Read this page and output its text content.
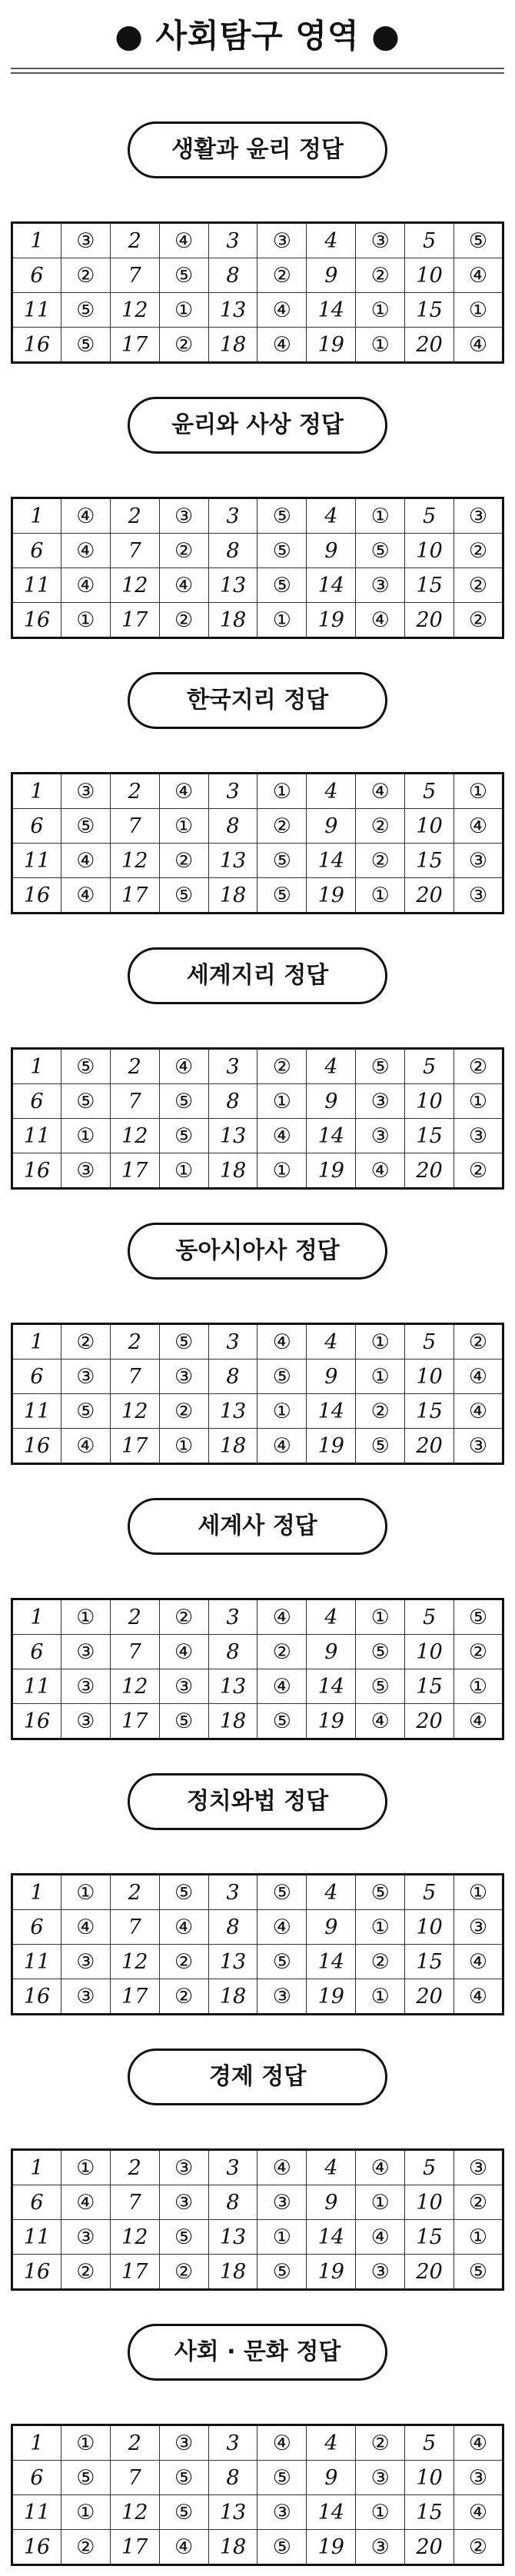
● 사회탐구 영역 ●
생활과 윤리 정답
1	③	2	④	3	③	4	③	5	⑤
6	②	7	⑤	8	②	9	②	10	④
11	⑤	12	①	13	④	14	①	15	①
16	⑤	17	②	18	④	19	①	20	④
윤리와 사상 정답
1	④	2	③	3	⑤	4	①	5	③
6	④	7	②	8	⑤	9	⑤	10	②
11	④	12	④	13	⑤	14	③	15	②
16	①	17	②	18	①	19	④	20	②
한국지리 정답
1	③	2	④	3	①	4	④	5	①
6	⑤	7	①	8	②	9	②	10	④
11	④	12	②	13	⑤	14	②	15	③
16	④	17	⑤	18	⑤	19	①	20	③
세계지리 정답
1	⑤	2	④	3	②	4	⑤	5	②
6	⑤	7	⑤	8	①	9	③	10	①
11	①	12	⑤	13	④	14	③	15	③
16	③	17	①	18	①	19	④	20	②
동아시아사 정답
1	②	2	⑤	3	④	4	①	5	②
6	③	7	③	8	⑤	9	①	10	④
11	⑤	12	②	13	①	14	②	15	④
16	④	17	①	18	④	19	⑤	20	③
세계사 정답
1	①	2	②	3	④	4	①	5	⑤
6	③	7	④	8	②	9	⑤	10	②
11	③	12	③	13	④	14	⑤	15	①
16	③	17	⑤	18	⑤	19	④	20	④
정치와법 정답
1	①	2	⑤	3	⑤	4	⑤	5	①
6	④	7	④	8	④	9	①	10	③
11	③	12	②	13	⑤	14	②	15	④
16	③	17	②	18	③	19	①	20	④
경제 정답
1	①	2	③	3	④	4	④	5	③
6	④	7	③	8	③	9	①	10	②
11	③	12	⑤	13	①	14	④	15	①
16	②	17	②	18	⑤	19	③	20	⑤
사회 · 문화 정답
1	①	2	③	3	④	4	②	5	④
6	⑤	7	⑤	8	⑤	9	③	10	③
11	①	12	⑤	13	③	14	①	15	④
16	②	17	④	18	⑤	19	③	20	②
